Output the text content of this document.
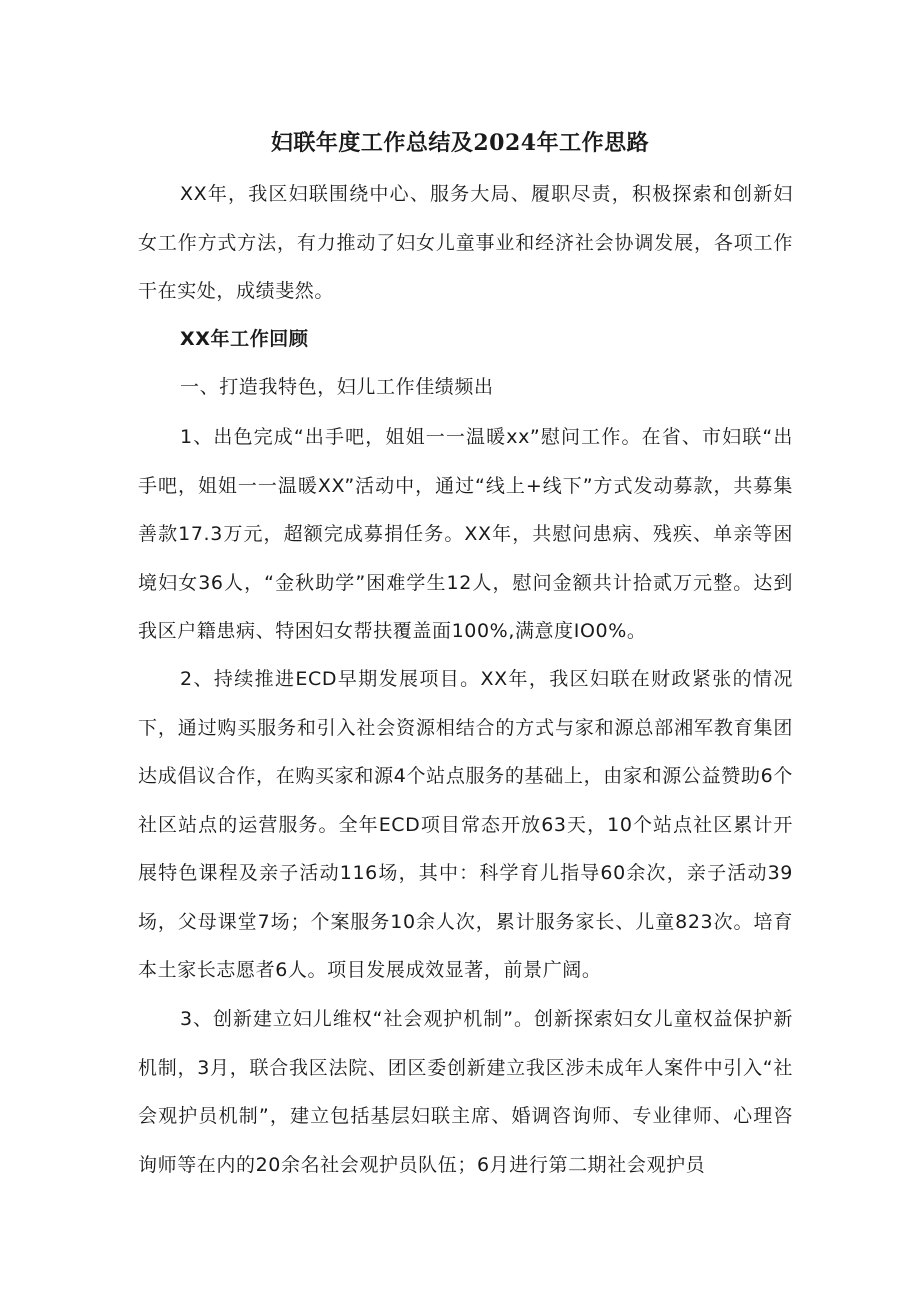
妇联年度工作总结及2024年工作思路

XX年，我区妇联围绕中心、服务大局、履职尽责，积极探索和创新妇女工作方式方法，有力推动了妇女儿童事业和经济社会协调发展，各项工作干在实处，成绩斐然。

XX年工作回顾

一、打造我特色，妇儿工作佳绩频出

1、出色完成“出手吧，姐姐一一温暖xx”慰问工作。在省、市妇联“出手吧，姐姐一一温暖XX”活动中，通过“线上+线下”方式发动募款，共募集善款17.3万元，超额完成募捐任务。XX年，共慰问患病、残疾、单亲等困境妇女36人，“金秋助学”困难学生12人，慰问金额共计拾贰万元整。达到我区户籍患病、特困妇女帮扶覆盖面100%,满意度IO0%。

2、持续推进ECD早期发展项目。XX年，我区妇联在财政紧张的情况下，通过购买服务和引入社会资源相结合的方式与家和源总部湘军教育集团达成倡议合作，在购买家和源4个站点服务的基础上，由家和源公益赞助6个社区站点的运营服务。全年ECD项目常态开放63天，10个站点社区累计开展特色课程及亲子活动116场，其中：科学育儿指导60余次，亲子活动39场，父母课堂7场；个案服务10余人次，累计服务家长、儿童823次。培育本土家长志愿者6人。项目发展成效显著，前景广阔。

3、创新建立妇儿维权“社会观护机制”。创新探索妇女儿童权益保护新机制，3月，联合我区法院、团区委创新建立我区涉未成年人案件中引入“社会观护员机制”，建立包括基层妇联主席、婚调咨询师、专业律师、心理咨询师等在内的20余名社会观护员队伍；6月进行第二期社会观护员
